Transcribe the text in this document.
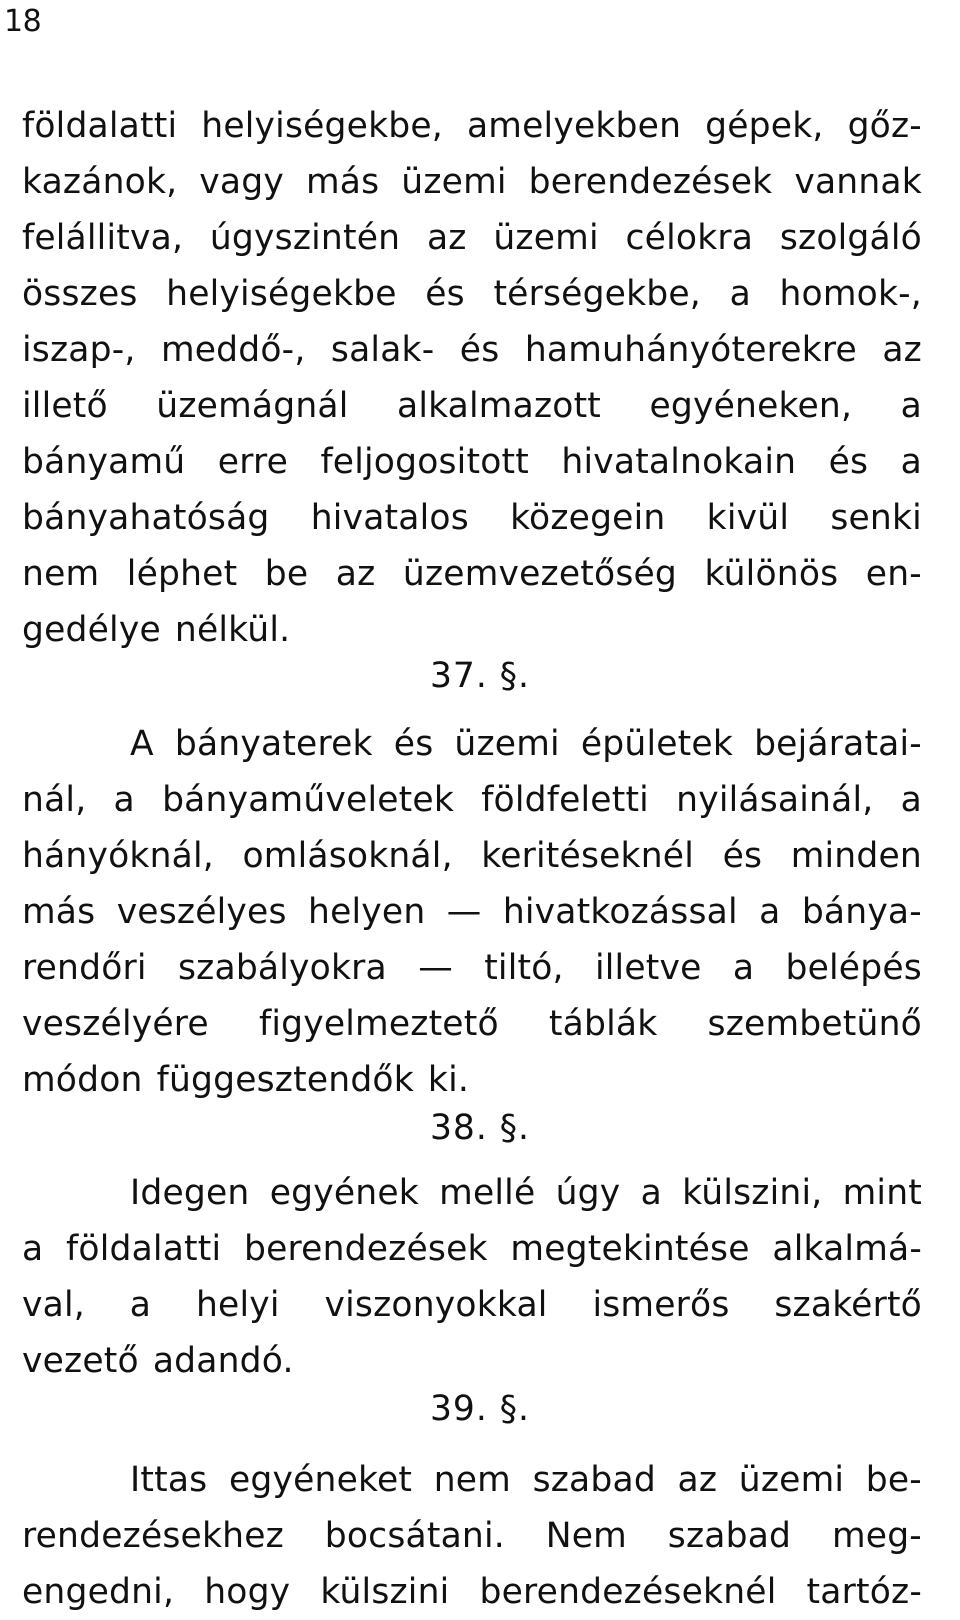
18
földalatti helyiségekbe, amelyekben gépek, gőz-
kazánok, vagy más üzemi berendezések vannak
felállitva, úgyszintén az üzemi célokra szolgáló
összes helyiségekbe és térségekbe, a homok-,
iszap-, meddő-, salak- és hamuhányóterekre az
illető üzemágnál alkalmazott egyéneken, a
bányamű erre feljogositott hivatalnokain és a
bányahatóság hivatalos közegein kivül senki
nem léphet be az üzemvezetőség különös en-
gedélye nélkül.
37. §.
A bányaterek és üzemi épületek bejáratai-
nál, a bányaműveletek földfeletti nyilásainál, a
hányóknál, omlásoknál, keritéseknél és minden
más veszélyes helyen — hivatkozással a bánya-
rendőri szabályokra — tiltó, illetve a belépés
veszélyére figyelmeztető táblák szembetünő
módon függesztendők ki.
38. §.
Idegen egyének mellé úgy a külszini, mint
a földalatti berendezések megtekintése alkalmá-
val, a helyi viszonyokkal ismerős szakértő
vezető adandó.
39. §.
Ittas egyéneket nem szabad az üzemi be-
rendezésekhez bocsátani. Nem szabad meg-
engedni, hogy külszini berendezéseknél tartóz-
